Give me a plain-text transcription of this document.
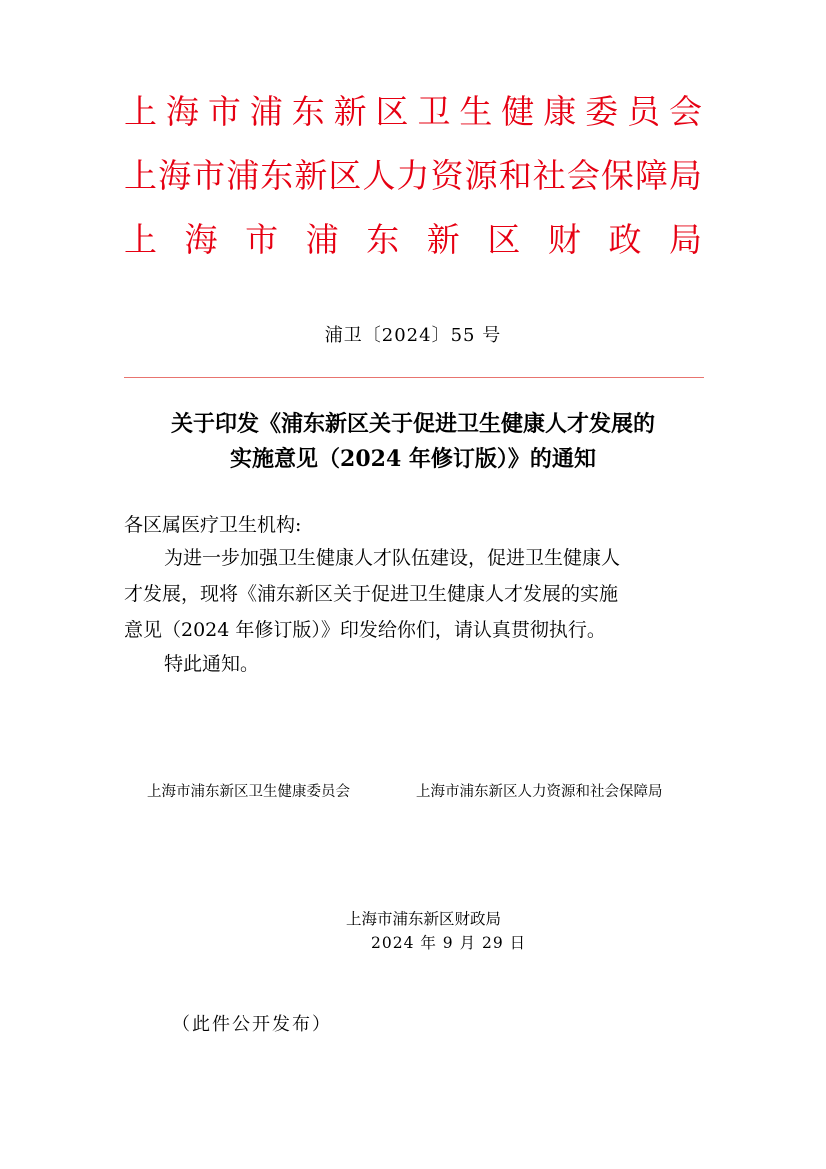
上海市浦东新区卫生健康委员会
上海市浦东新区人力资源和社会保障局
上海市浦东新区财政局
浦卫〔2024〕55 号
关于印发《浦东新区关于促进卫生健康人才发展的
实施意见（2024 年修订版）》的通知
各区属医疗卫生机构:
为进一步加强卫生健康人才队伍建设，促进卫生健康人
才发展，现将《浦东新区关于促进卫生健康人才发展的实施
意见（2024 年修订版）》印发给你们，请认真贯彻执行。
特此通知。
上海市浦东新区卫生健康委员会	上海市浦东新区人力资源和社会保障局
上海市浦东新区财政局
2024 年 9 月 29 日
（此件公开发布）
